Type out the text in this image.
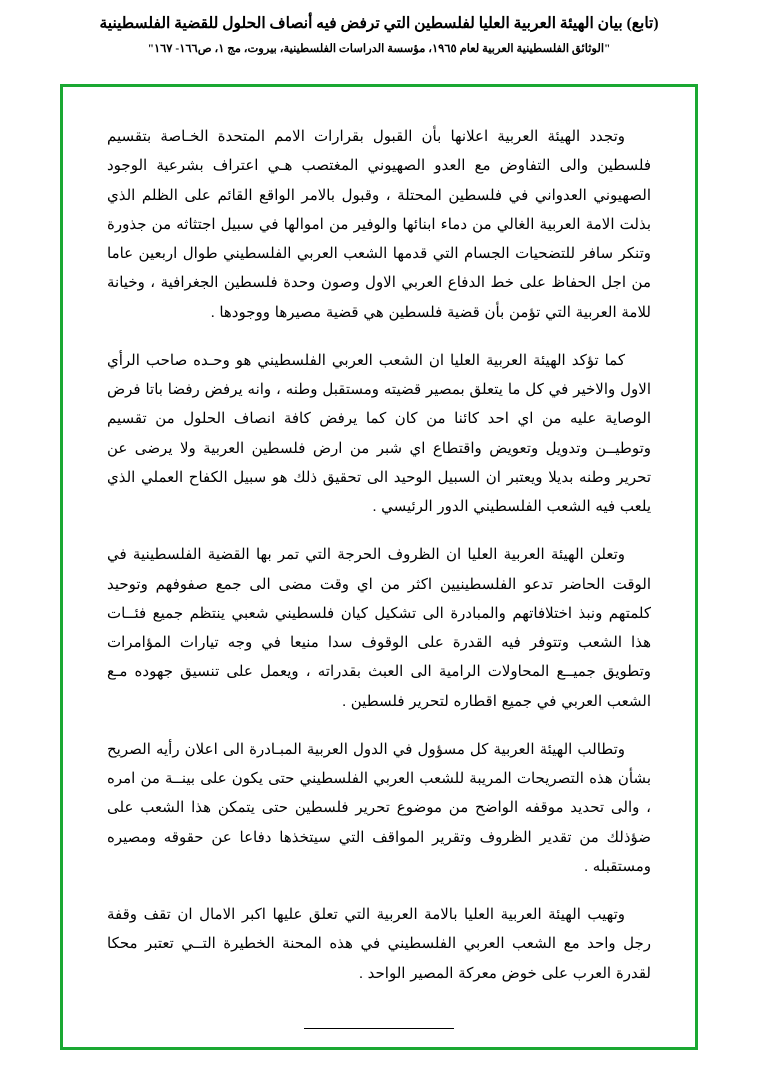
(تابع) بيان الهيئة العربية العليا لفلسطين التي ترفض فيه أنصاف الحلول للقضية الفلسطينية
"الوثائق الفلسطينية العربية لعام ١٩٦٥، مؤسسة الدراسات الفلسطينية، بيروت، مج ١، ص١٦٦- ١٦٧"

وتجدد الهيئة العربية اعلانها بأن القبول بقرارات الامم المتحدة الخـاصة بتقسيم فلسطين والى التفاوض مع العدو الصهيوني المغتصب هـي اعتراف بشرعية الوجود الصهيوني العدواني في فلسطين المحتلة ، وقبول بالامر الواقع القائم على الظلم الذي بذلت الامة العربية الغالي من دماء ابنائها والوفير من اموالها في سبيل اجتثاثه من جذورة وتنكر سافر للتضحيات الجسام التي قدمها الشعب العربي الفلسطيني طوال اربعين عاما من اجل الحفاظ على خط الدفاع العربي الاول وصون وحدة فلسطين الجغرافية ، وخيانة للامة العربية التي تؤمن بأن قضية فلسطين هي قضية مصيرها ووجودها .

كما تؤكد الهيئة العربية العليا ان الشعب العربي الفلسطيني هو وحـده صاحب الرأي الاول والاخير في كل ما يتعلق بمصير قضيته ومستقبل وطنه ، وانه يرفض رفضا باتا فرض الوصاية عليه من اي احد كائنا من كان كما يرفض كافة انصاف الحلول من تقسيم وتوطيــن وتدويل وتعويض واقتطاع اي شبر من ارض فلسطين العربية ولا يرضى عن تحرير وطنه بديلا ويعتبر ان السبيل الوحيد الى تحقيق ذلك هو سبيل الكفاح العملي الذي يلعب فيه الشعب الفلسطيني الدور الرئيسي .

وتعلن الهيئة العربية العليا ان الظروف الحرجة التي تمر بها القضية الفلسطينية في الوقت الحاضر تدعو الفلسطينيين اكثر من اي وقت مضى الى جمع صفوفهم وتوحيد كلمتهم ونبذ اختلافاتهم والمبادرة الى تشكيل كيان فلسطيني شعبي ينتظم جميع فئــات هذا الشعب وتتوفر فيه القدرة على الوقوف سدا منيعا في وجه تيارات المؤامرات وتطويق جميــع المحاولات الرامية الى العبث بقدراته ، ويعمل على تنسيق جهوده مـع الشعب العربي في جميع اقطاره لتحرير فلسطين .

وتطالب الهيئة العربية كل مسؤول في الدول العربية المبـادرة الى اعلان رأيه الصريح بشأن هذه التصريحات المريبة للشعب العربي الفلسطيني حتى يكون على بينــة من امره ، والى تحديد موقفه الواضح من موضوع تحرير فلسطين حتى يتمكن هذا الشعب على ضؤذلك من تقدير الظروف وتقرير المواقف التي سيتخذها دفاعا عن حقوقه ومصيره ومستقبله .

وتهيب الهيئة العربية العليا بالامة العربية التي تعلق عليها اكبر الامال ان تقف وقفة رجل واحد مع الشعب العربي الفلسطيني في هذه المحنة الخطيرة التــي تعتبر محكا لقدرة العرب على خوض معركة المصير الواحد .
